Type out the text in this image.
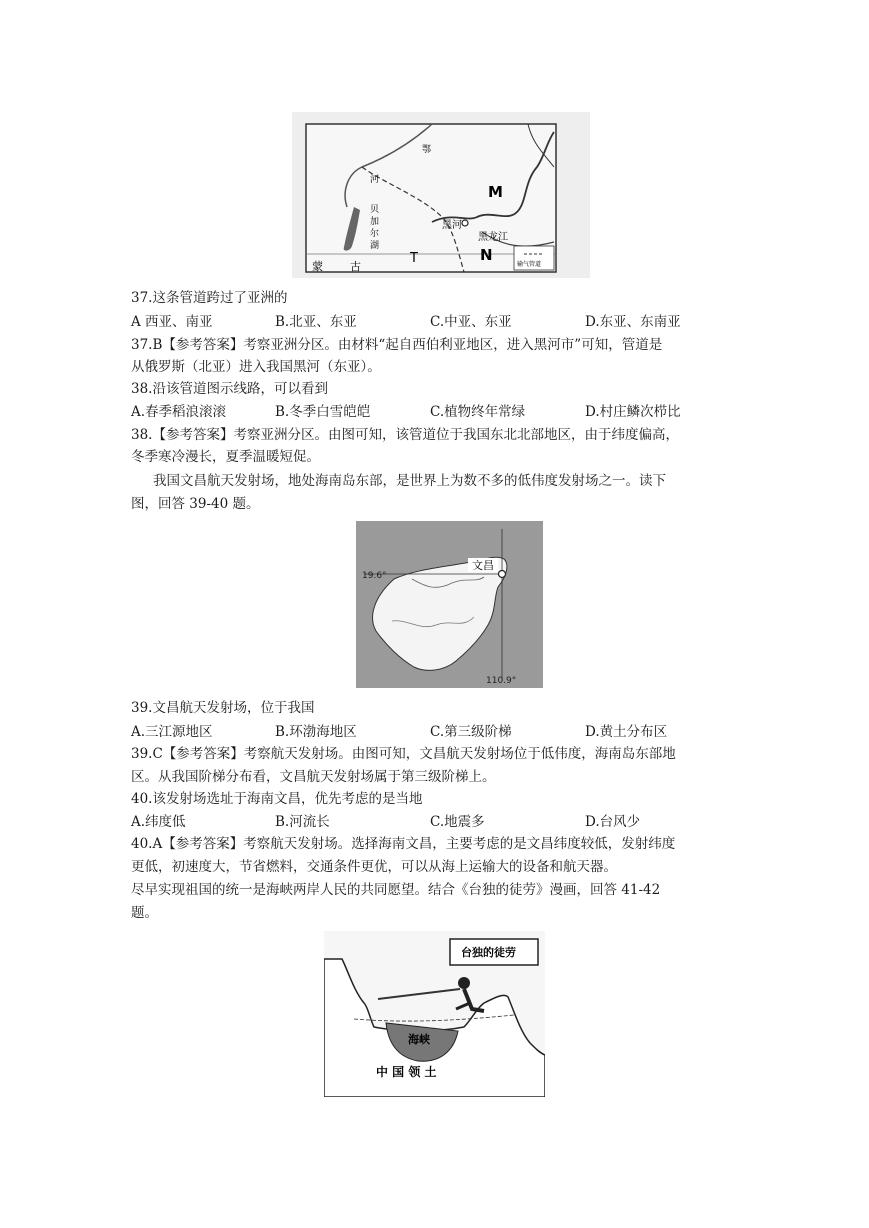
M
N
黑河
黑龙江
贝
加
尔
湖
鄂
河
蒙 古
T	输气管道
37.这条管道跨过了亚洲的
A 西亚、南亚	B.北亚、东亚	C.中亚、东亚	D.东亚、东南亚
37.B【参考答案】考察亚洲分区。由材料“起自西伯利亚地区，进入黑河市”可知，管道是
从俄罗斯（北亚）进入我国黑河（东亚）。
38.沿该管道图示线路，可以看到
A.春季稻浪滚滚	B.冬季白雪皑皑	C.植物终年常绿	D.村庄鳞次栉比
38.【参考答案】考察亚洲分区。由图可知，该管道位于我国东北北部地区，由于纬度偏高，
冬季寒冷漫长，夏季温暖短促。
我国文昌航天发射场，地处海南岛东部，是世界上为数不多的低伟度发射场之一。读下
图，回答 39-40 题。
文昌
19.6°
110.9°
39.文昌航天发射场，位于我国
A.三江源地区	B.环渤海地区	C.第三级阶梯	D.黄土分布区
39.C【参考答案】考察航天发射场。由图可知，文昌航天发射场位于低伟度，海南岛东部地
区。从我国阶梯分布看，文昌航天发射场属于第三级阶梯上。
40.该发射场选址于海南文昌，优先考虑的是当地
A.纬度低	B.河流长	C.地震多	D.台风少
40.A【参考答案】考察航天发射场。选择海南文昌，主要考虑的是文昌纬度较低，发射纬度
更低，初速度大，节省燃料，交通条件更优，可以从海上运输大的设备和航天器。
尽早实现祖国的统一是海峡两岸人民的共同愿望。结合《台独的徒劳》漫画，回答 41-42
题。
台独的徒劳
海峡
中 国 领 土
